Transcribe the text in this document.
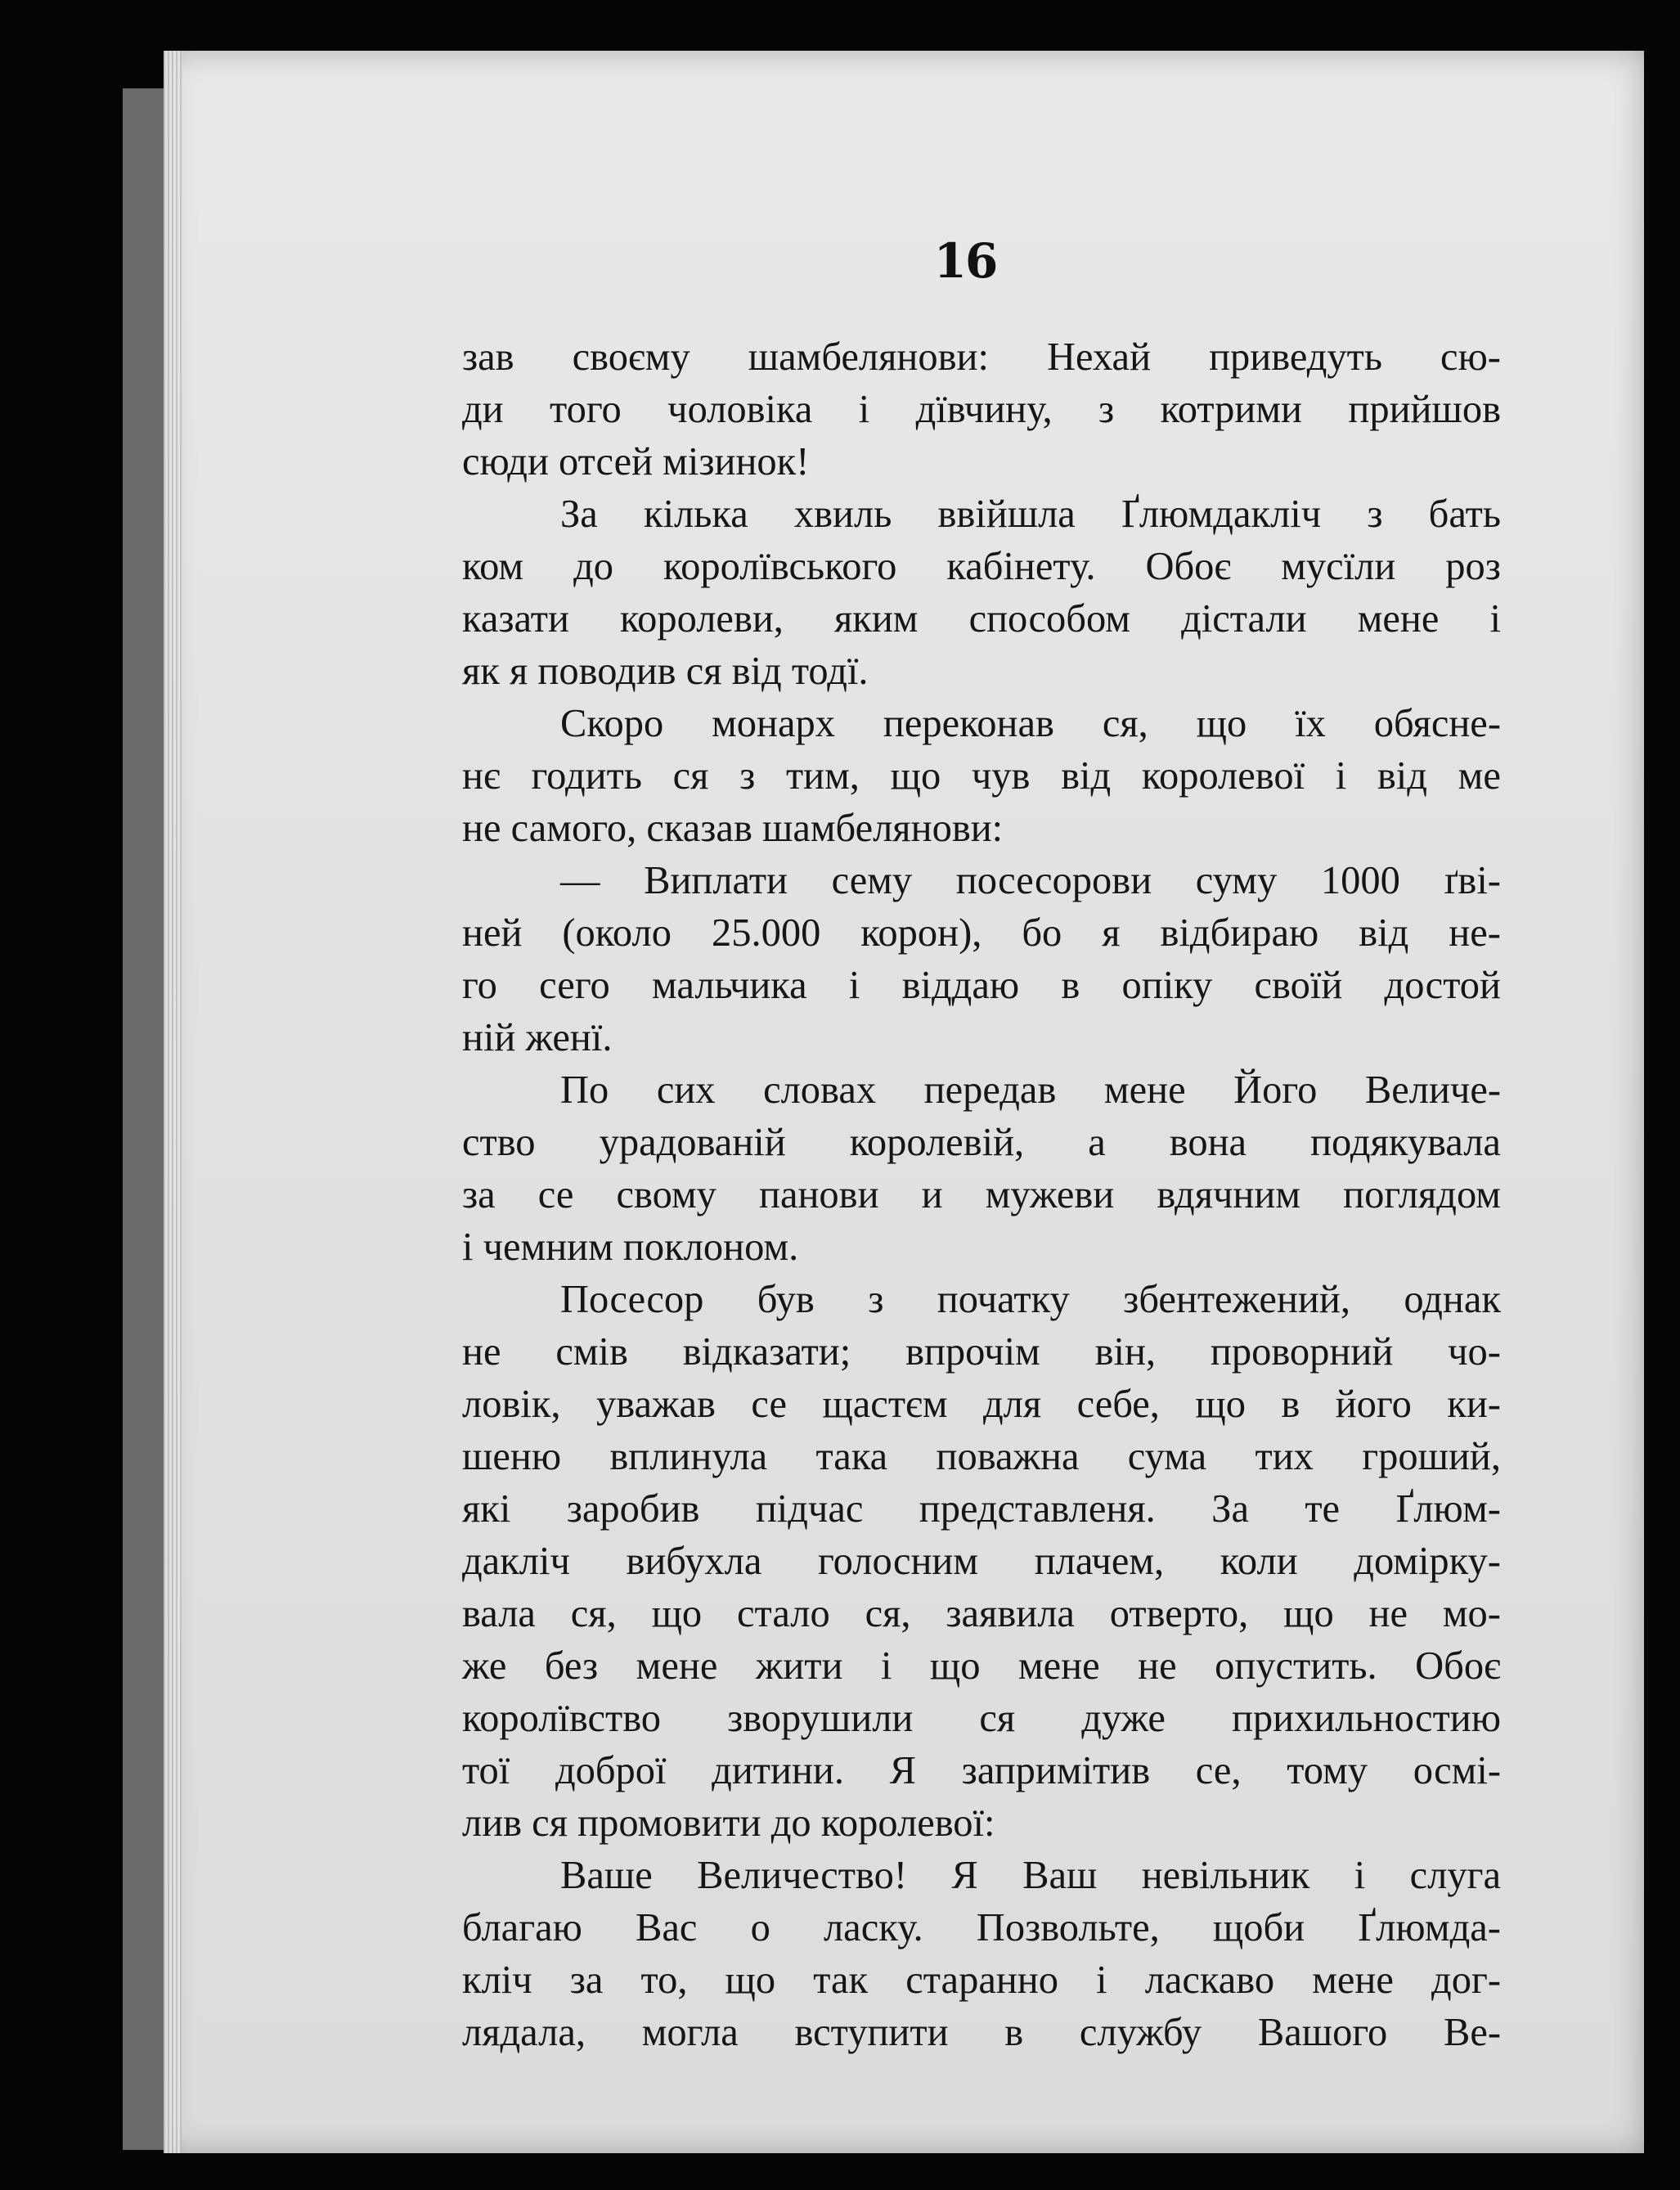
16
зав своєму шамбелянови: Нехай приведуть сю-
ди того чоловіка і дївчину, з котрими прийшов
сюди отсей мізинок!
За кілька хвиль ввійшла Ґлюмдакліч з бать
ком до королївського кабінету. Обоє мусїли роз
казати королеви, яким способом дістали мене і
як я поводив ся від тодї.
Скоро монарх переконав ся, що їх обясне-
нє годить ся з тим, що чув від королевої і від ме
не самого, сказав шамбелянови:
— Виплати сему посесорови суму 1000 ґві-
ней (около 25.000 корон), бо я відбираю від не-
го сего мальчика і віддаю в опіку своїй достой
ній женї.
По сих словах передав мене Його Величе-
ство урадованій королевій, а вона подякувала
за се свому панови и мужеви вдячним поглядом
і чемним поклоном.
Посесор був з початку збентежений, однак
не смів відказати; впрочім він, проворний чо-
ловік, уважав се щастєм для себе, що в його ки-
шеню вплинула така поважна сума тих гроший,
які заробив підчас представленя. За те Ґлюм-
дакліч вибухла голосним плачем, коли домірку-
вала ся, що стало ся, заявила отверто, що не мо-
же без мене жити і що мене не опустить. Обоє
королївство зворушили ся дуже прихильностию
тої доброї дитини. Я запримітив се, тому осмі-
лив ся промовити до королевої:
Ваше Величество! Я Ваш невільник і слуга
благаю Вас о ласку. Позвольте, щоби Ґлюмда-
кліч за то, що так старанно і ласкаво мене дог-
лядала, могла вступити в службу Вашого Ве-
